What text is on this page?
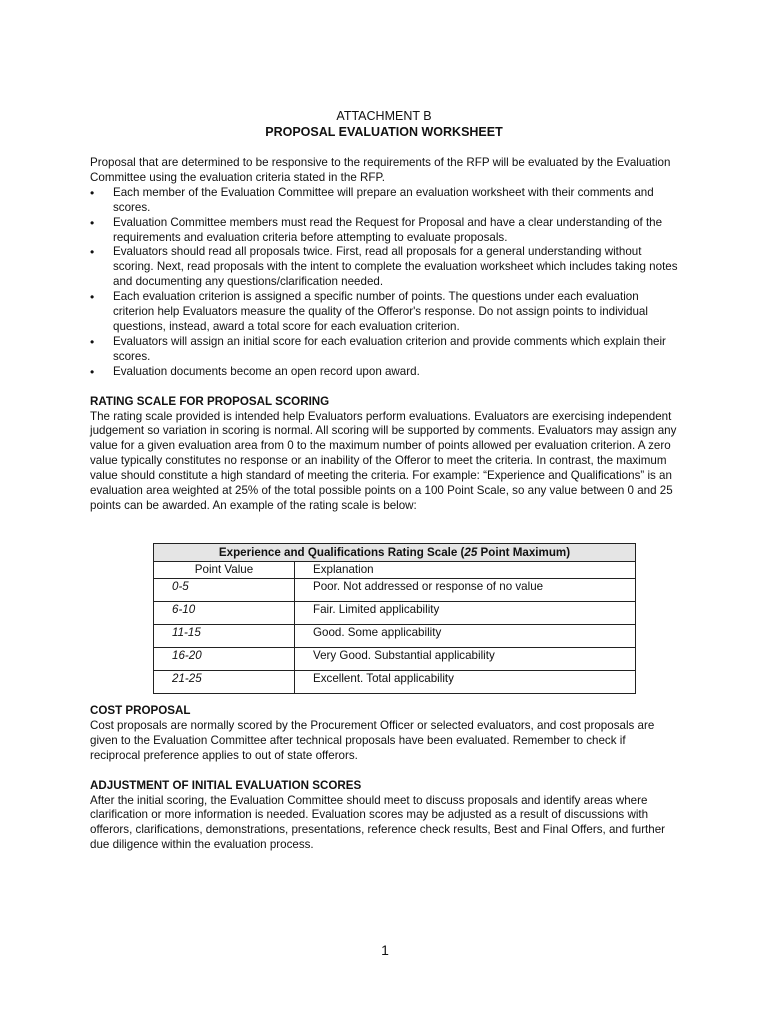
ATTACHMENT B

PROPOSAL EVALUATION WORKSHEET

Proposal that are determined to be responsive to the requirements of the RFP will be evaluated by the Evaluation Committee using the evaluation criteria stated in the RFP.

• Each member of the Evaluation Committee will prepare an evaluation worksheet with their comments and scores.
• Evaluation Committee members must read the Request for Proposal and have a clear understanding of the requirements and evaluation criteria before attempting to evaluate proposals.
• Evaluators should read all proposals twice. First, read all proposals for a general understanding without scoring. Next, read proposals with the intent to complete the evaluation worksheet which includes taking notes and documenting any questions/clarification needed.
• Each evaluation criterion is assigned a specific number of points. The questions under each evaluation criterion help Evaluators measure the quality of the Offeror's response. Do not assign points to individual questions, instead, award a total score for each evaluation criterion.
• Evaluators will assign an initial score for each evaluation criterion and provide comments which explain their scores.
• Evaluation documents become an open record upon award.
RATING SCALE FOR PROPOSAL SCORING

The rating scale provided is intended help Evaluators perform evaluations. Evaluators are exercising independent judgement so variation in scoring is normal. All scoring will be supported by comments. Evaluators may assign any value for a given evaluation area from 0 to the maximum number of points allowed per evaluation criterion. A zero value typically constitutes no response or an inability of the Offeror to meet the criteria. In contrast, the maximum value should constitute a high standard of meeting the criteria. For example: “Experience and Qualifications” is an evaluation area weighted at 25% of the total possible points on a 100 Point Scale, so any value between 0 and 25 points can be awarded. An example of the rating scale is below:

Experience and Qualifications Rating Scale (25 Point Maximum)	
Point Value	Explanation
0-5	Poor. Not addressed or response of no value
6-10	Fair. Limited applicability
11-15	Good. Some applicability
16-20	Very Good. Substantial applicability
21-25	Excellent. Total applicability
COST PROPOSAL

Cost proposals are normally scored by the Procurement Officer or selected evaluators, and cost proposals are given to the Evaluation Committee after technical proposals have been evaluated. Remember to check if reciprocal preference applies to out of state offerors.

ADJUSTMENT OF INITIAL EVALUATION SCORES

After the initial scoring, the Evaluation Committee should meet to discuss proposals and identify areas where clarification or more information is needed. Evaluation scores may be adjusted as a result of discussions with offerors, clarifications, demonstrations, presentations, reference check results, Best and Final Offers, and further due diligence within the evaluation process.

1
